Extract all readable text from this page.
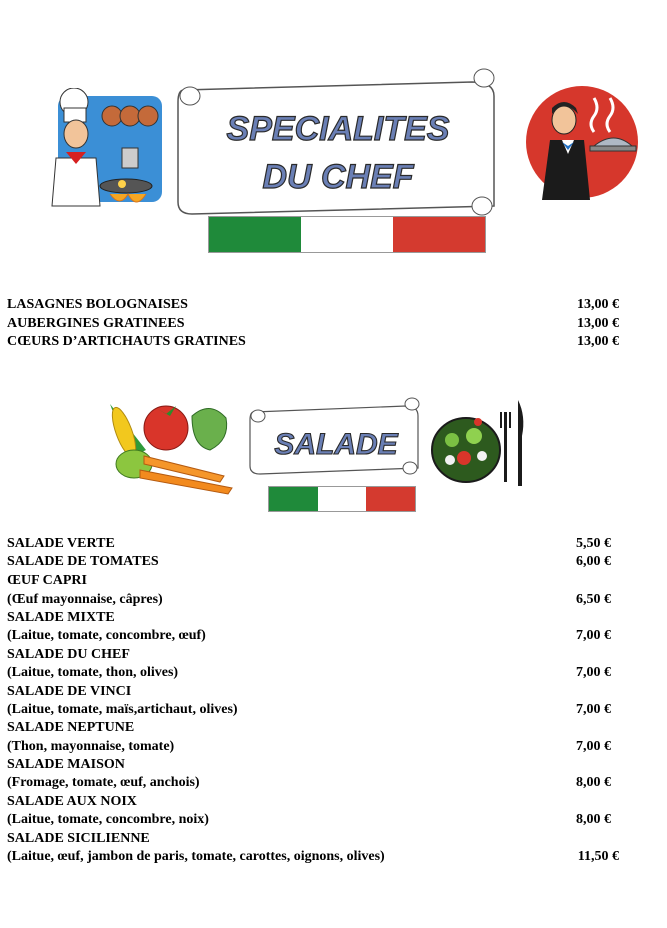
SPECIALITES
DU CHEF
LASAGNES BOLOGNAISES	13,00 €
AUBERGINES GRATINEES	13,00 €
CŒURS D’ARTICHAUTS GRATINES	13,00 €
SALADE
SALADE VERTE	5,50 €
SALADE DE TOMATES	6,00 €
ŒUF CAPRI
(Œuf mayonnaise, câpres)	6,50 €
SALADE MIXTE
(Laitue, tomate, concombre, œuf)	7,00 €
SALADE DU CHEF
(Laitue, tomate, thon, olives)	7,00 €
SALADE DE VINCI
(Laitue, tomate, maïs,artichaut, olives)	7,00 €
SALADE NEPTUNE
(Thon, mayonnaise, tomate)	7,00 €
SALADE MAISON
(Fromage, tomate, œuf, anchois)	8,00 €
SALADE AUX NOIX
(Laitue, tomate, concombre, noix)	8,00 €
SALADE SICILIENNE
(Laitue, œuf, jambon de paris, tomate, carottes, oignons, olives)	11,50 €
